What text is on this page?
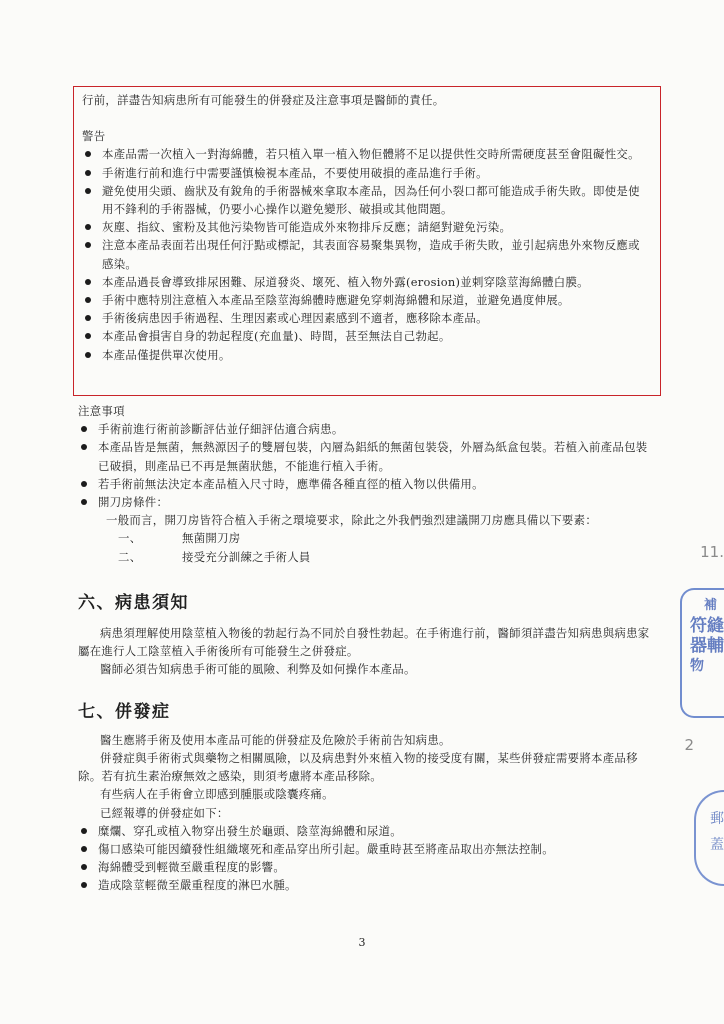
行前，詳盡告知病患所有可能發生的併發症及注意事項是醫師的責任。
警告
本產品需一次植入一對海綿體，若只植入單一植入物佢體將不足以提供性交時所需硬度甚至會阻礙性交。
手術進行前和進行中需要謹慎檢視本產品，不要使用破損的產品進行手術。
避免使用尖頭、齒狀及有銳角的手術器械來拿取本產品，因為任何小裂口都可能造成手術失敗。即使是使用不鋒利的手術器械，仍要小心操作以避免變形、破損或其他問題。
灰塵、指紋、蜜粉及其他污染物皆可能造成外來物排斥反應；請絕對避免污染。
注意本產品表面若出現任何汙點或標記，其表面容易聚集異物，造成手術失敗，並引起病患外來物反應或感染。
本產品過長會導致排尿困難、尿道發炎、壞死、植入物外露(erosion)並剌穿陰莖海綿體白膜。
手術中應特別注意植入本產品至陰莖海綿體時應避免穿刺海綿體和尿道，並避免過度伸展。
手術後病患因手術過程、生理因素或心理因素感到不適者，應移除本產品。
本產品會損害自身的勃起程度(充血量)、時間，甚至無法自己勃起。
本產品僅提供單次使用。
注意事項
手術前進行術前診斷評估並仔細評估適合病患。
本產品皆是無菌，無熱源因子的雙層包裝，內層為鋁紙的無菌包裝袋，外層為紙盒包裝。若植入前產品包裝已破損，則產品已不再是無菌狀態，不能進行植入手術。
若手術前無法決定本產品植入尺寸時，應準備各種直徑的植入物以供備用。
開刀房條件：
一般而言，開刀房皆符合植入手術之環境要求，除此之外我們強烈建議開刀房應具備以下要素：
一、	無菌開刀房
二、	接受充分訓練之手術人員
六、病患須知
病患須理解使用陰莖植入物後的勃起行為不同於自發性勃起。在手術進行前，醫師須詳盡告知病患與病患家屬在進行人工陰莖植入手術後所有可能發生之併發症。
醫師必須告知病患手術可能的風險、利弊及如何操作本產品。
七、併發症
醫生應將手術及使用本產品可能的併發症及危險於手術前告知病患。
併發症與手術術式與藥物之相關風險，以及病患對外來植入物的接受度有關，某些併發症需要將本產品移除。若有抗生素治療無效之感染，則須考慮將本產品移除。
有些病人在手術會立即感到腫脹或陰囊疼痛。
已經報導的併發症如下：
糜爛、穿孔或植入物穿出發生於龜頭、陰莖海綿體和尿道。
傷口感染可能因續發性組織壞死和產品穿出所引起。嚴重時甚至將產品取出亦無法控制。
海綿體受到輕微至嚴重程度的影響。
造成陰莖輕微至嚴重程度的淋巴水腫。
3
11.
2
補
符縫
器輔
物
郵
蓋
